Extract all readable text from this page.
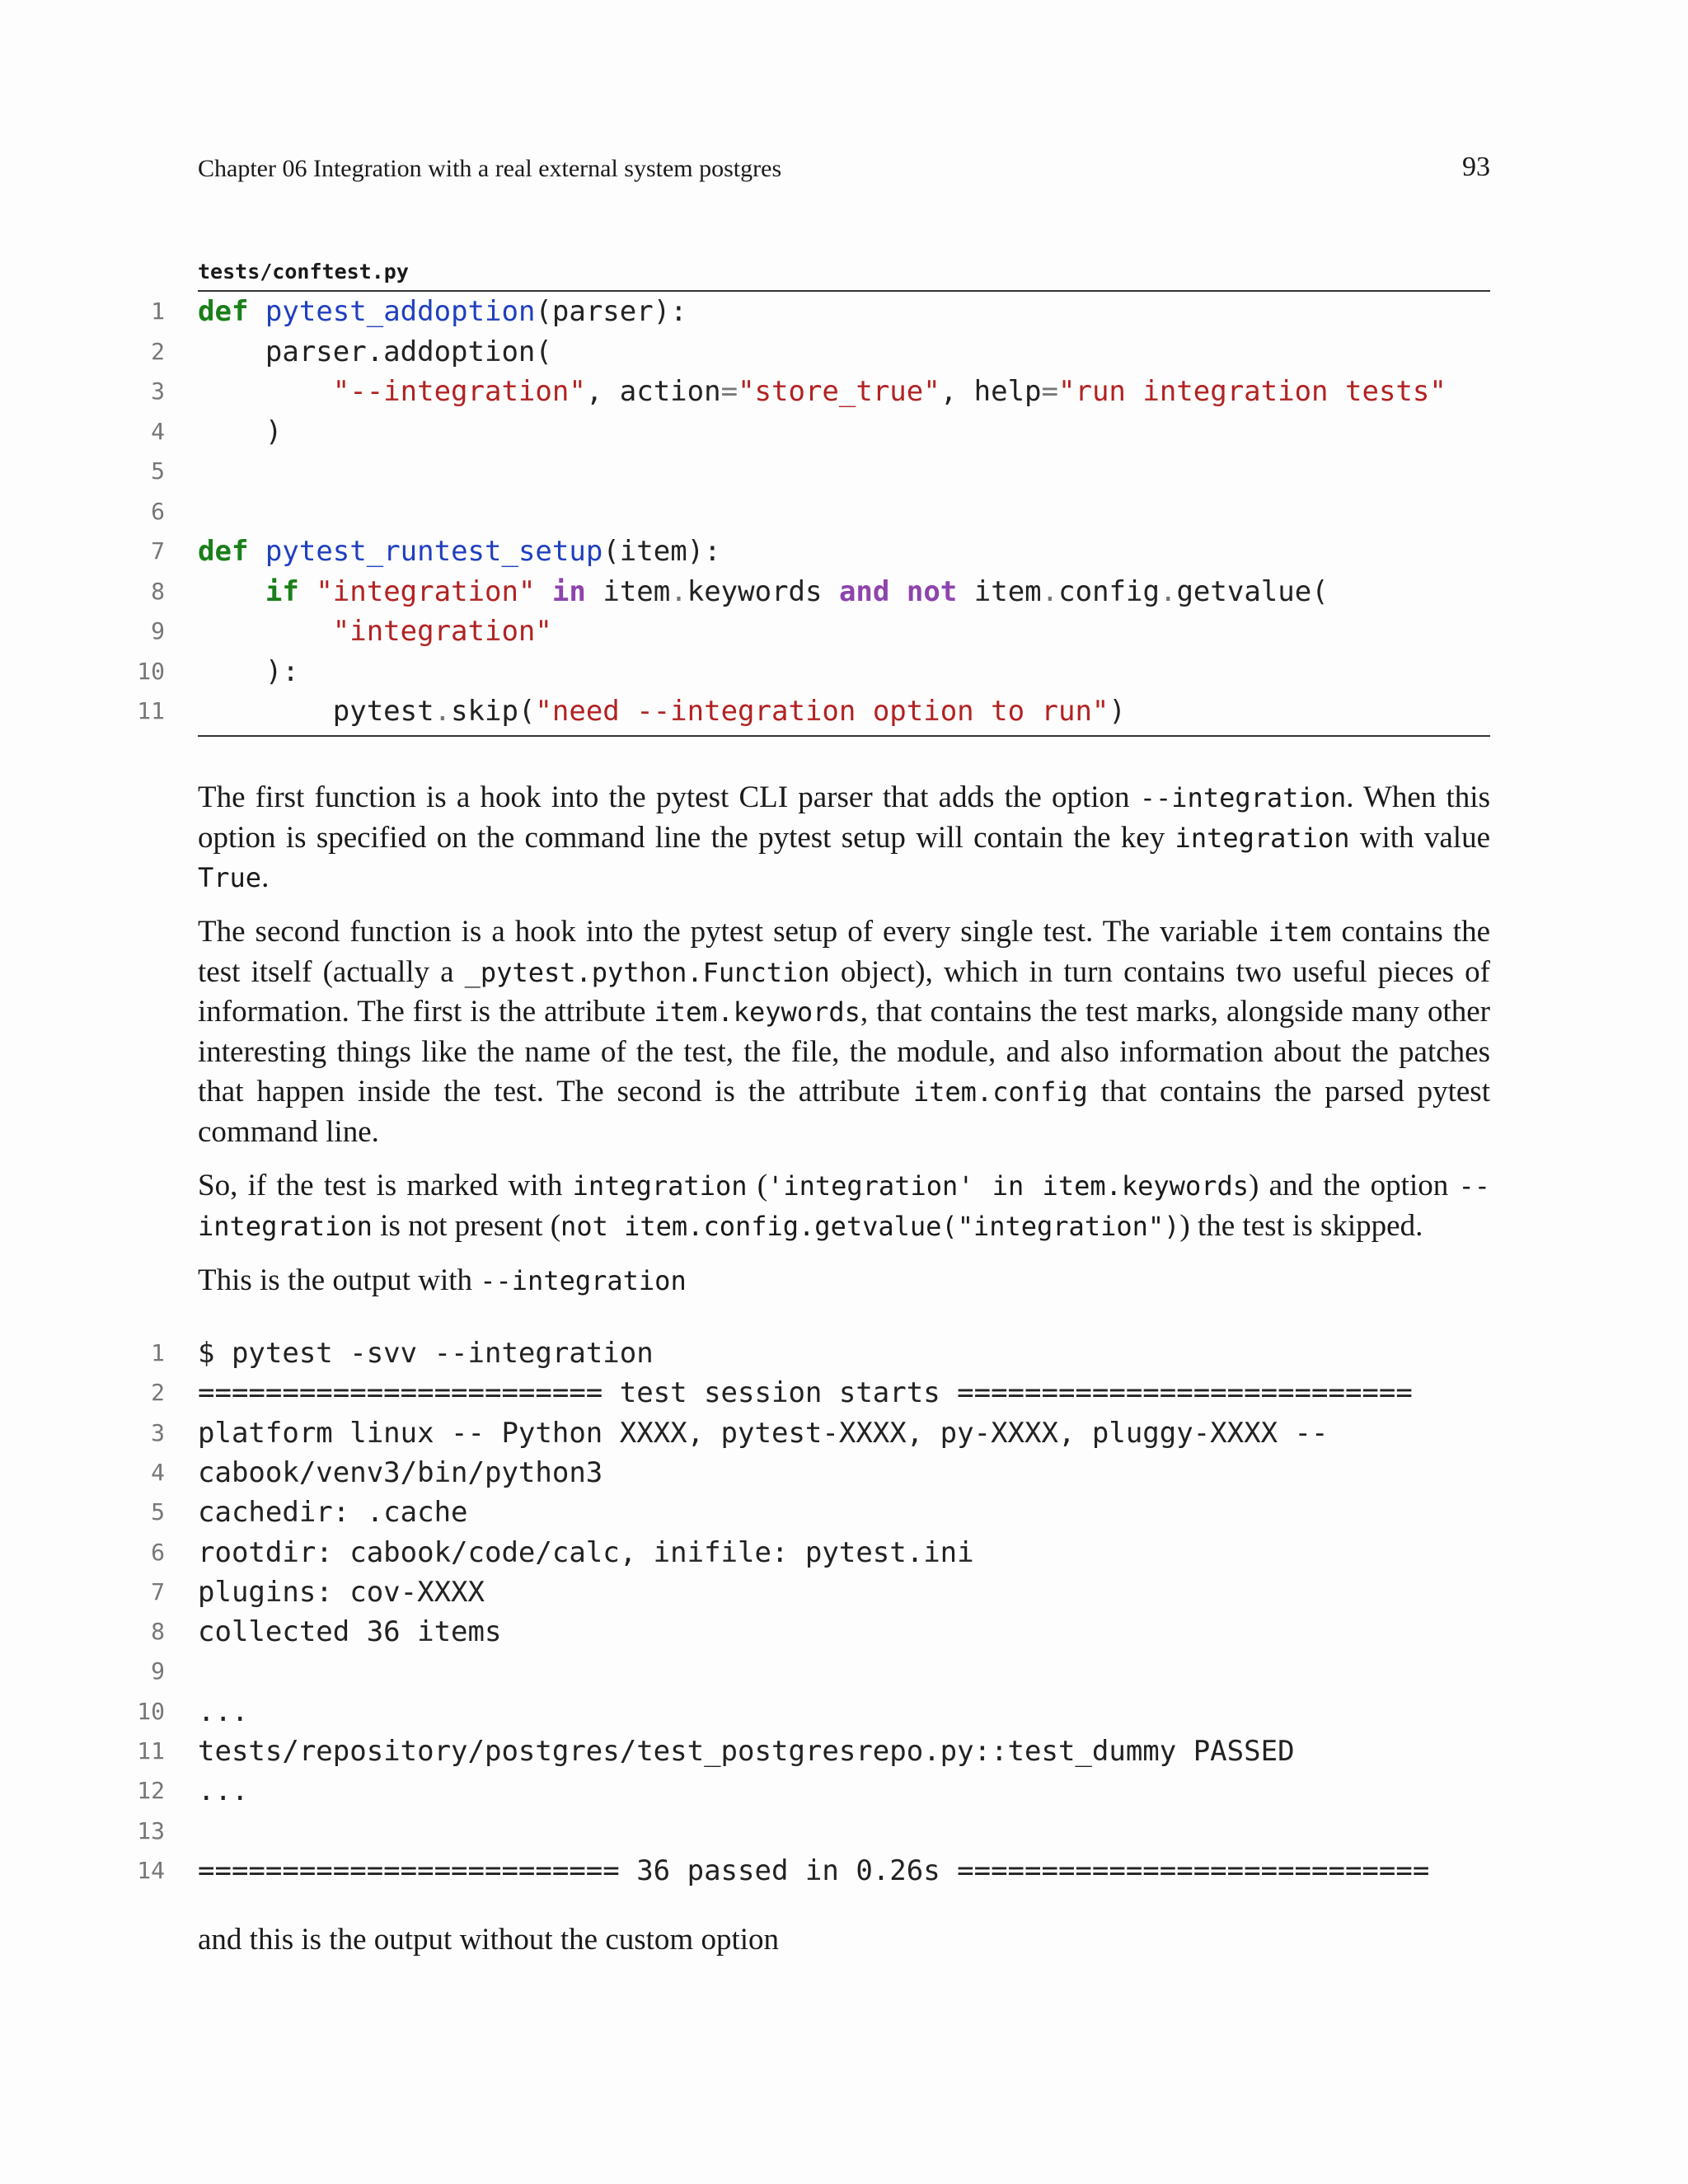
Chapter 06 Integration with a real external system postgres	93
tests/conftest.py
1 def pytest_addoption(parser):
2 parser.addoption(
3	"--integration", action="store_true", help="run integration tests"
4 )
5
6
7 def pytest_runtest_setup(item):
8	if "integration" in item.keywords and not item.config.getvalue(
9	"integration"
10 ):
11 pytest.skip("need --integration option to run")
The first function is a hook into the pytest CLI parser that adds the option --integration. When this option is specified on the command line the pytest setup will contain the key integration with value True.
The second function is a hook into the pytest setup of every single test. The variable item contains the test itself (actually a _pytest.python.Function object), which in turn contains two useful pieces of information. The first is the attribute item.keywords, that contains the test marks, alongside many other interesting things like the name of the test, the file, the module, and also information about the patches that happen inside the test. The second is the attribute item.config that contains the parsed pytest command line.
So, if the test is marked with integration ('integration' in item.keywords) and the option --integration is not present (not item.config.getvalue("integration")) the test is skipped.
This is the output with --integration
1 $ pytest -svv --integration
2 ======================== test session starts ===========================
3 platform linux -- Python XXXX, pytest-XXXX, py-XXXX, pluggy-XXXX --
4 cabook/venv3/bin/python3
5 cachedir: .cache
6 rootdir: cabook/code/calc, inifile: pytest.ini
7 plugins: cov-XXXX
8 collected 36 items
9
10 ...
11 tests/repository/postgres/test_postgresrepo.py::test_dummy PASSED
12 ...
13
14 ========================= 36 passed in 0.26s ============================
and this is the output without the custom option
